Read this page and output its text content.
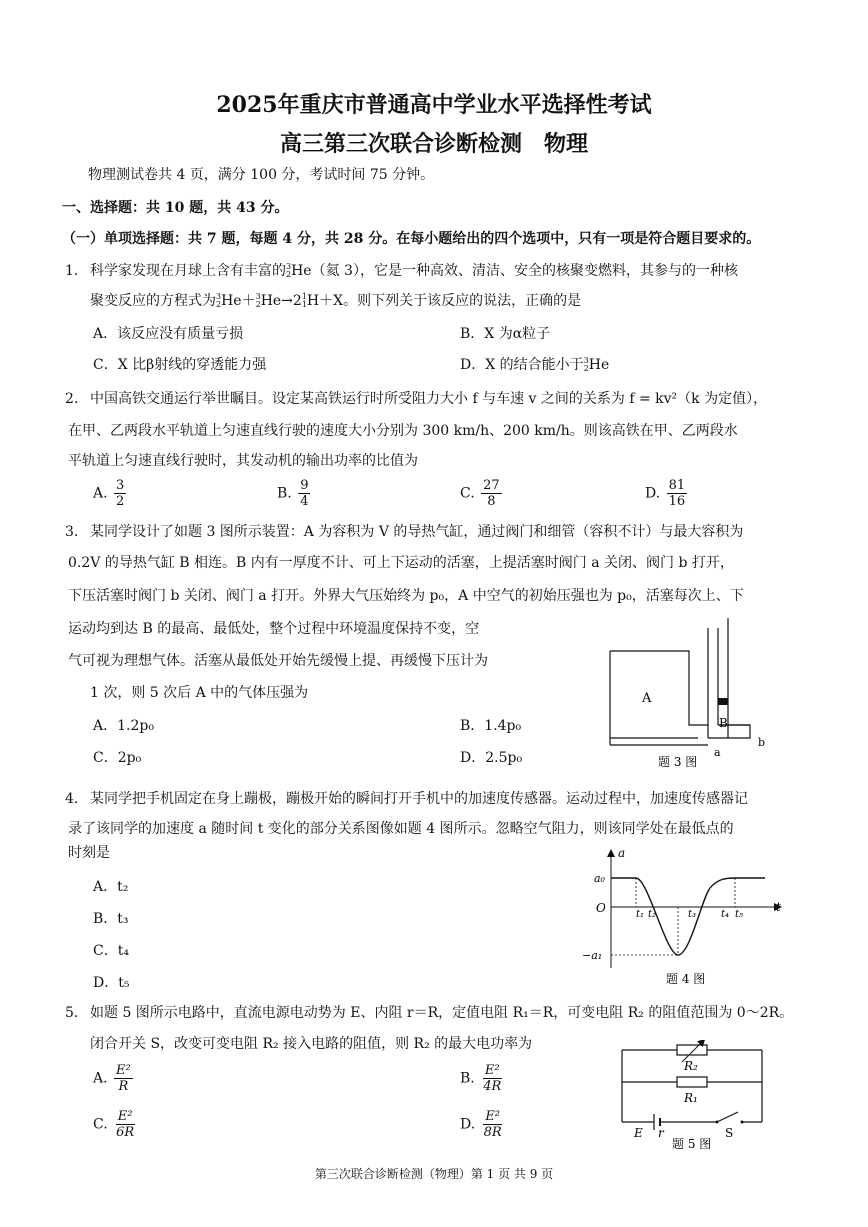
2025年重庆市普通高中学业水平选择性考试
高三第三次联合诊断检测　物理
物理测试卷共 4 页，满分 100 分，考试时间 75 分钟。
一、选择题：共 10 题，共 43 分。
（一）单项选择题：共 7 题，每题 4 分，共 28 分。在每小题给出的四个选项中，只有一项是符合题目要求的。
1. 科学家发现在月球上含有丰富的 3
2 He（氦 3），它是一种高效、清洁、安全的核聚变燃料，其参与的一种核
聚变反应的方程式为 3
2 He＋ 3
2 He→2 1
1 H＋X。则下列关于该反应的说法，正确的是
A．该反应没有质量亏损	B．X 为α粒子
C．X 比β射线的穿透能力强	D．X 的结合能小于 3
2 He
2. 中国高铁交通运行举世瞩目。设定某高铁运行时所受阻力大小 f 与车速 v 之间的关系为 f = kv²（k 为定值），
在甲、乙两段水平轨道上匀速直线行驶的速度大小分别为 300 km/h、200 km/h。则该高铁在甲、乙两段水
平轨道上匀速直线行驶时，其发动机的输出功率的比值为
A. $\frac{3}{2}$	B. $\frac{9}{4}$	C. $\frac{27}{8}$	D. $\frac{81}{16}$
3. 某同学设计了如题 3 图所示装置：A 为容积为 V 的导热气缸，通过阀门和细管（容积不计）与最大容积为
0.2V 的导热气缸 B 相连。B 内有一厚度不计、可上下运动的活塞，上提活塞时阀门 a 关闭、阀门 b 打开，
下压活塞时阀门 b 关闭、阀门 a 打开。外界大气压始终为 p₀，A 中空气的初始压强也为 p₀，活塞每次上、下
运动均到达 B 的最高、最低处，整个过程中环境温度保持不变，空
气可视为理想气体。活塞从最低处开始先缓慢上提、再缓慢下压计为
1 次，则 5 次后 A 中的气体压强为
A．1.2p₀	B．1.4p₀
C．2p₀	D．2.5p₀
A
B
a
b
题 3 图
4. 某同学把手机固定在身上蹦极，蹦极开始的瞬间打开手机中的加速度传感器。运动过程中，加速度传感器记
录了该同学的加速度 a 随时间 t 变化的部分关系图像如题 4 图所示。忽略空气阻力，则该同学处在最低点的
时刻是
A．t₂
B．t₃
C．t₄
D．t₅
a
a₀
O	t
−a₁
t₁ t₂	t₃ t₄ t₅
题 4 图
5. 如题 5 图所示电路中，直流电源电动势为 E、内阻 r＝R，定值电阻 R₁＝R，可变电阻 R₂ 的阻值范围为 0～2R。
闭合开关 S，改变可变电阻 R₂ 接入电路的阻值，则 R₂ 的最大电功率为
A. $\frac{\text{E²}}{R}$	B. $\frac{\text{E²}}{4R}$
C. $\frac{\text{E²}}{6R}$	D. $\frac{\text{E²}}{8R}$
R₂
R₁
E r	S
题 5 图
第三次联合诊断检测（物理）第 1 页 共 9 页
